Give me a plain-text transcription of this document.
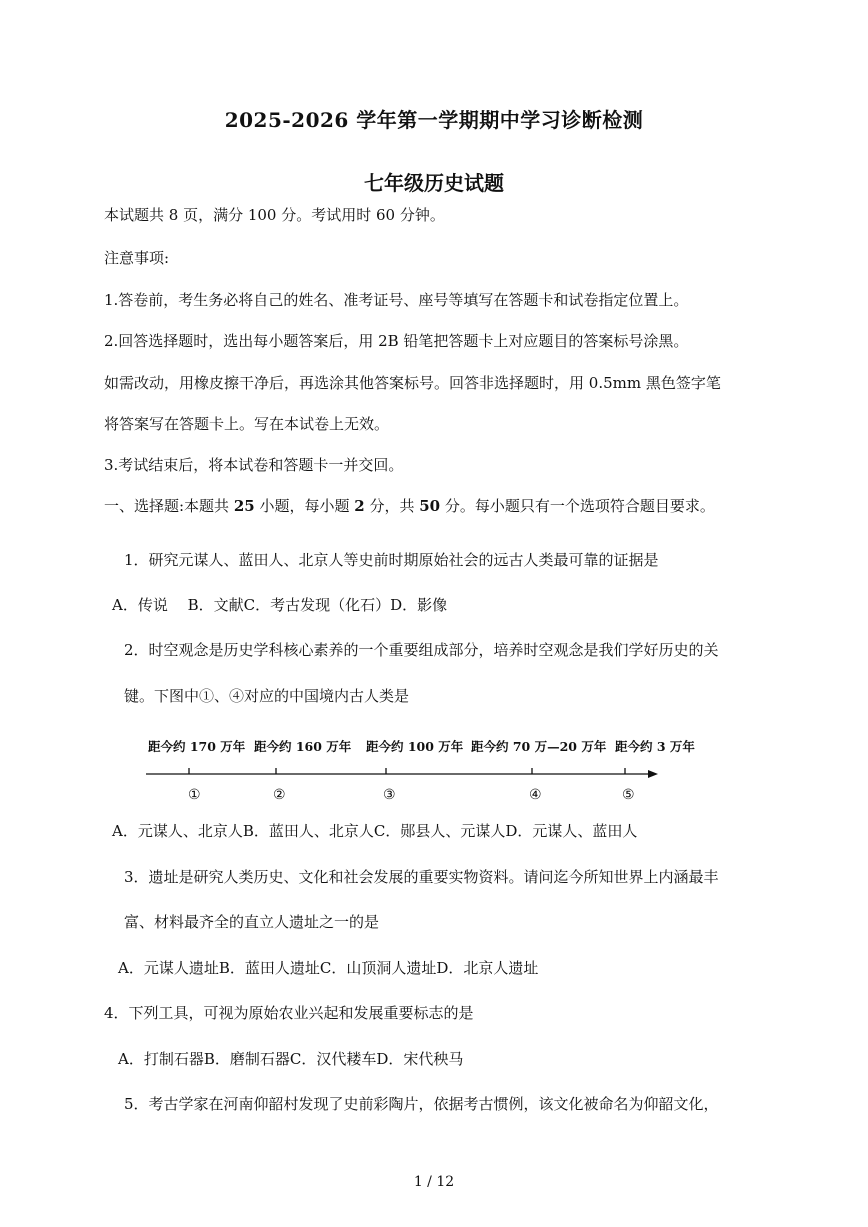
2025-2026 学年第一学期期中学习诊断检测
七年级历史试题
本试题共 8 页，满分 100 分。考试用时 60 分钟。
注意事项:
1.答卷前，考生务必将自己的姓名、准考证号、座号等填写在答题卡和试卷指定位置上。
2.回答选择题时，选出每小题答案后，用 2B 铅笔把答题卡上对应题目的答案标号涂黑。
如需改动，用橡皮擦干净后，再选涂其他答案标号。回答非选择题时，用 0.5mm 黑色签字笔
将答案写在答题卡上。写在本试卷上无效。
3.考试结束后，将本试卷和答题卡一并交回。
一、选择题:本题共 25 小题，每小题 2 分，共 50 分。每小题只有一个选项符合题目要求。
1．研究元谋人、蓝田人、北京人等史前时期原始社会的远古人类最可靠的证据是
A．传说　 B．文献C．考古发现（化石）D．影像
2．时空观念是历史学科核心素养的一个重要组成部分，培养时空观念是我们学好历史的关
键。下图中①、④对应的中国境内古人类是
距今约 170 万年 距今约 160 万年 距今约 100 万年 距今约 70 万—20 万年 距今约 3 万年
①	②	③	④	⑤
A．元谋人、北京人B．蓝田人、北京人C．郧县人、元谋人D．元谋人、蓝田人
3．遗址是研究人类历史、文化和社会发展的重要实物资料。请问迄今所知世界上内涵最丰
富、材料最齐全的直立人遗址之一的是
A．元谋人遗址B．蓝田人遗址C．山顶洞人遗址D．北京人遗址
4．下列工具，可视为原始农业兴起和发展重要标志的是
A．打制石器B．磨制石器C．汉代耧车D．宋代秧马
5．考古学家在河南仰韶村发现了史前彩陶片，依据考古惯例，该文化被命名为仰韶文化，
1 / 12
